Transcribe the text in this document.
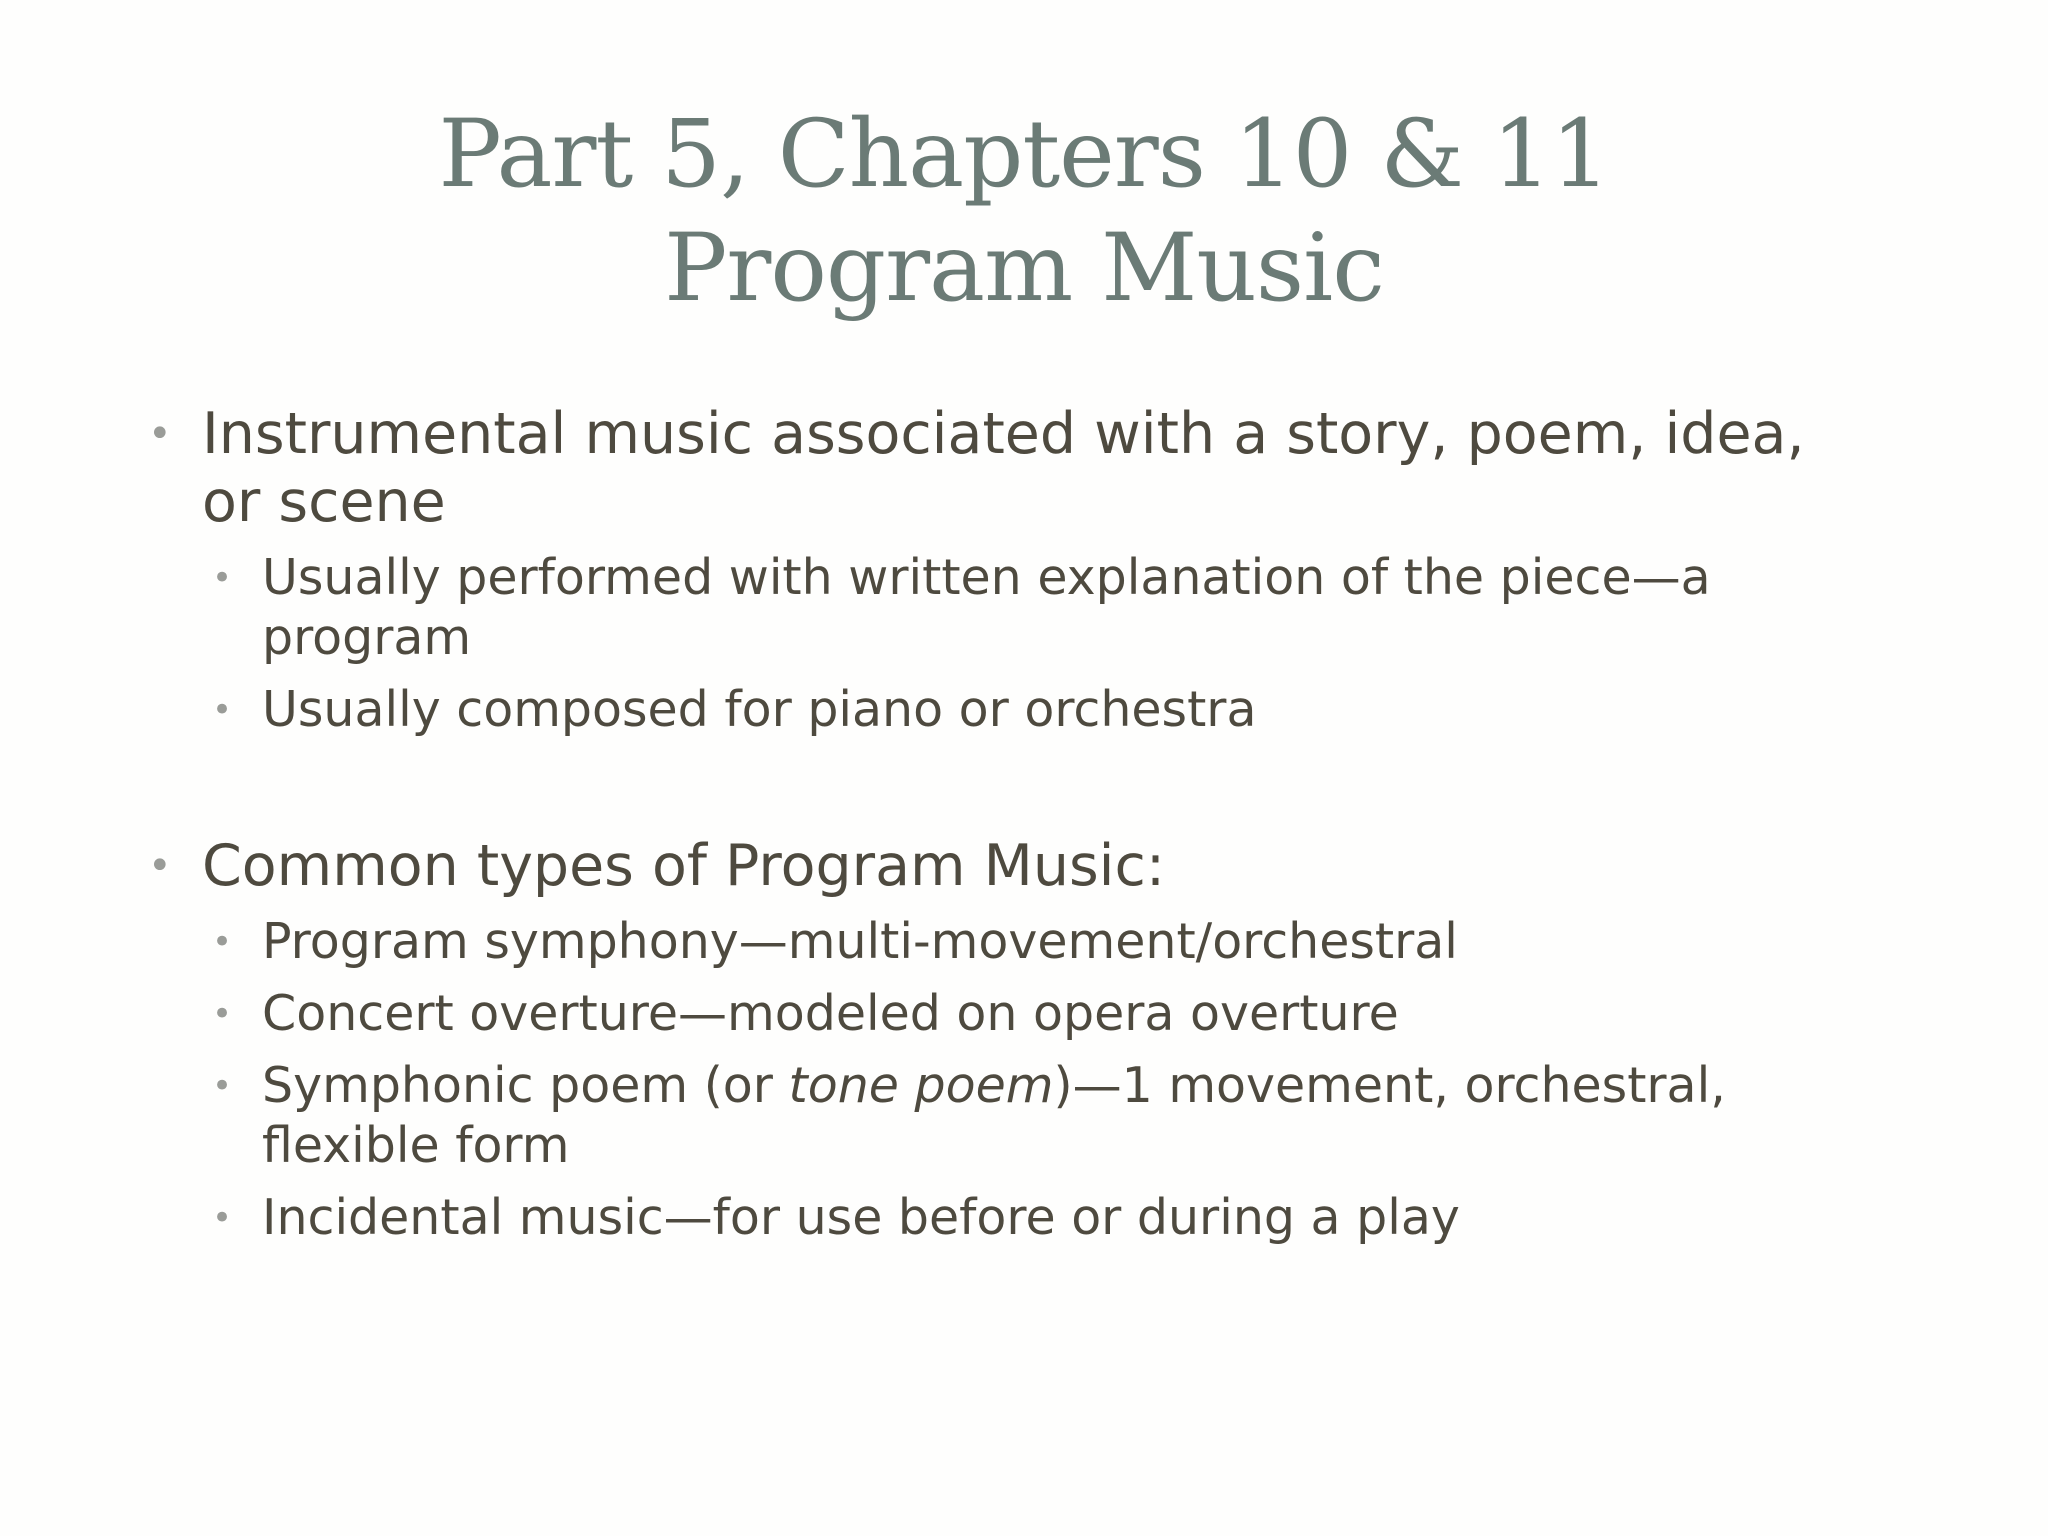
Part 5, Chapters 10 & 11
Program Music

• Instrumental music associated with a story, poem, idea, or scene

• Usually performed with written explanation of the piece—a program

• Usually composed for piano or orchestra

• Common types of Program Music:

• Program symphony—multi-movement/orchestral

• Concert overture—modeled on opera overture

• Symphonic poem (or tone poem)—1 movement, orchestral, flexible form

• Incidental music—for use before or during a play
